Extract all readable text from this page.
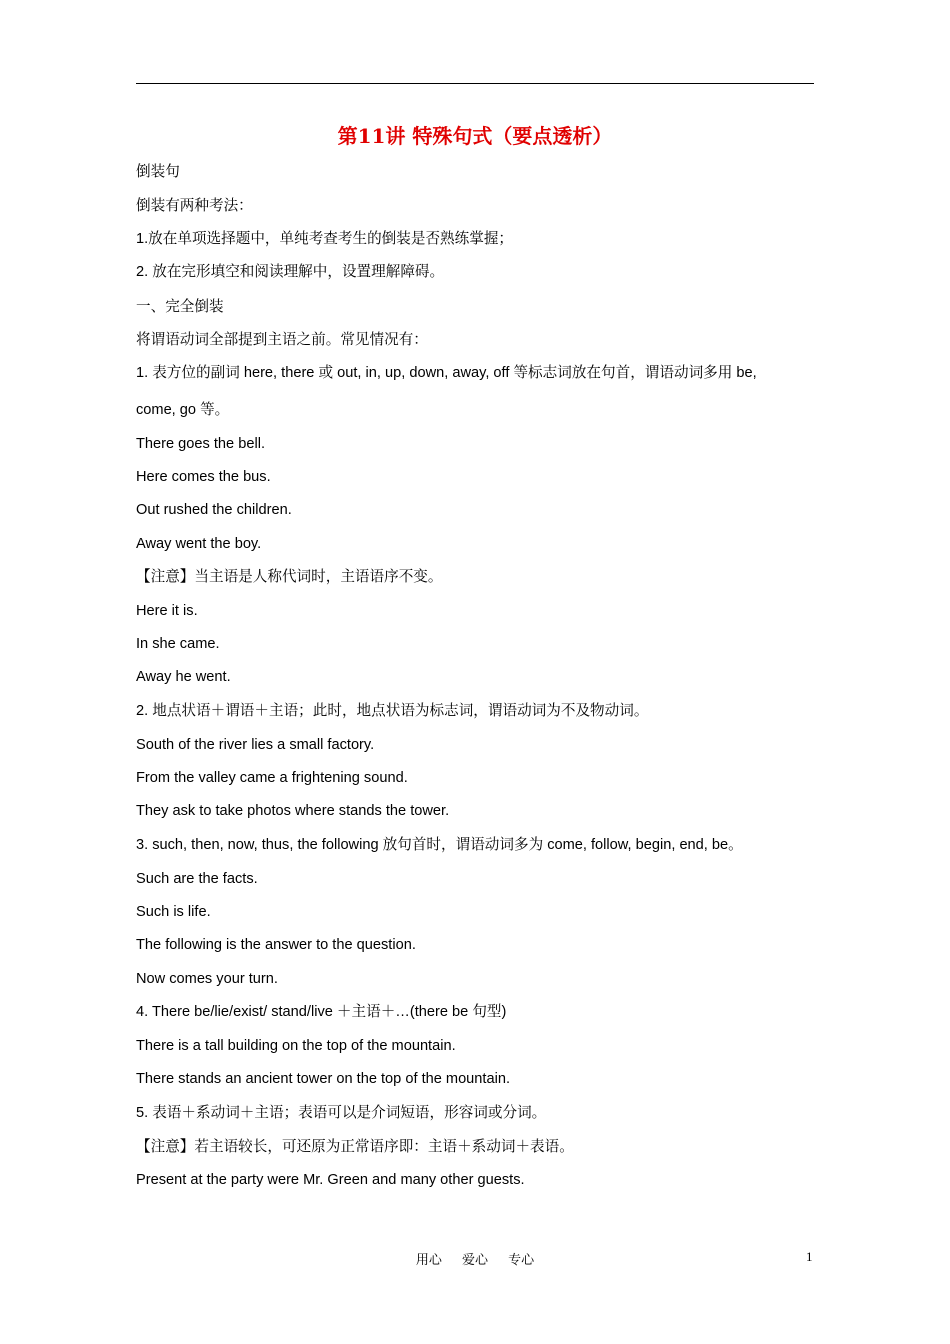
第11讲 特殊句式（要点透析）
倒装句
倒装有两种考法：
1.放在单项选择题中，单纯考查考生的倒装是否熟练掌握；
2. 放在完形填空和阅读理解中，设置理解障碍。
一、完全倒装
将谓语动词全部提到主语之前。常见情况有：
1. 表方位的副词 here, there 或 out, in, up, down, away, off 等标志词放在句首，谓语动词多用 be,
come, go 等。
There goes the bell.
Here comes the bus.
Out rushed the children.
Away went the boy.
【注意】当主语是人称代词时，主语语序不变。
Here it is.
In she came.
Away he went.
2. 地点状语＋谓语＋主语；此时，地点状语为标志词，谓语动词为不及物动词。
South of the river lies a small factory.
From the valley came a frightening sound.
They ask to take photos where stands the tower.
3. such, then, now, thus, the following 放句首时，谓语动词多为 come, follow, begin, end, be。
Such are the facts.
Such is life.
The following is the answer to the question.
Now comes your turn.
4. There be/lie/exist/ stand/live ＋主语＋…(there be 句型)
There is a tall building on the top of the mountain.
There stands an ancient tower on the top of the mountain.
5. 表语＋系动词＋主语；表语可以是介词短语，形容词或分词。
【注意】若主语较长，可还原为正常语序即：主语＋系动词＋表语。
Present at the party were Mr. Green and many other guests.
用心 爱心 专心	1
